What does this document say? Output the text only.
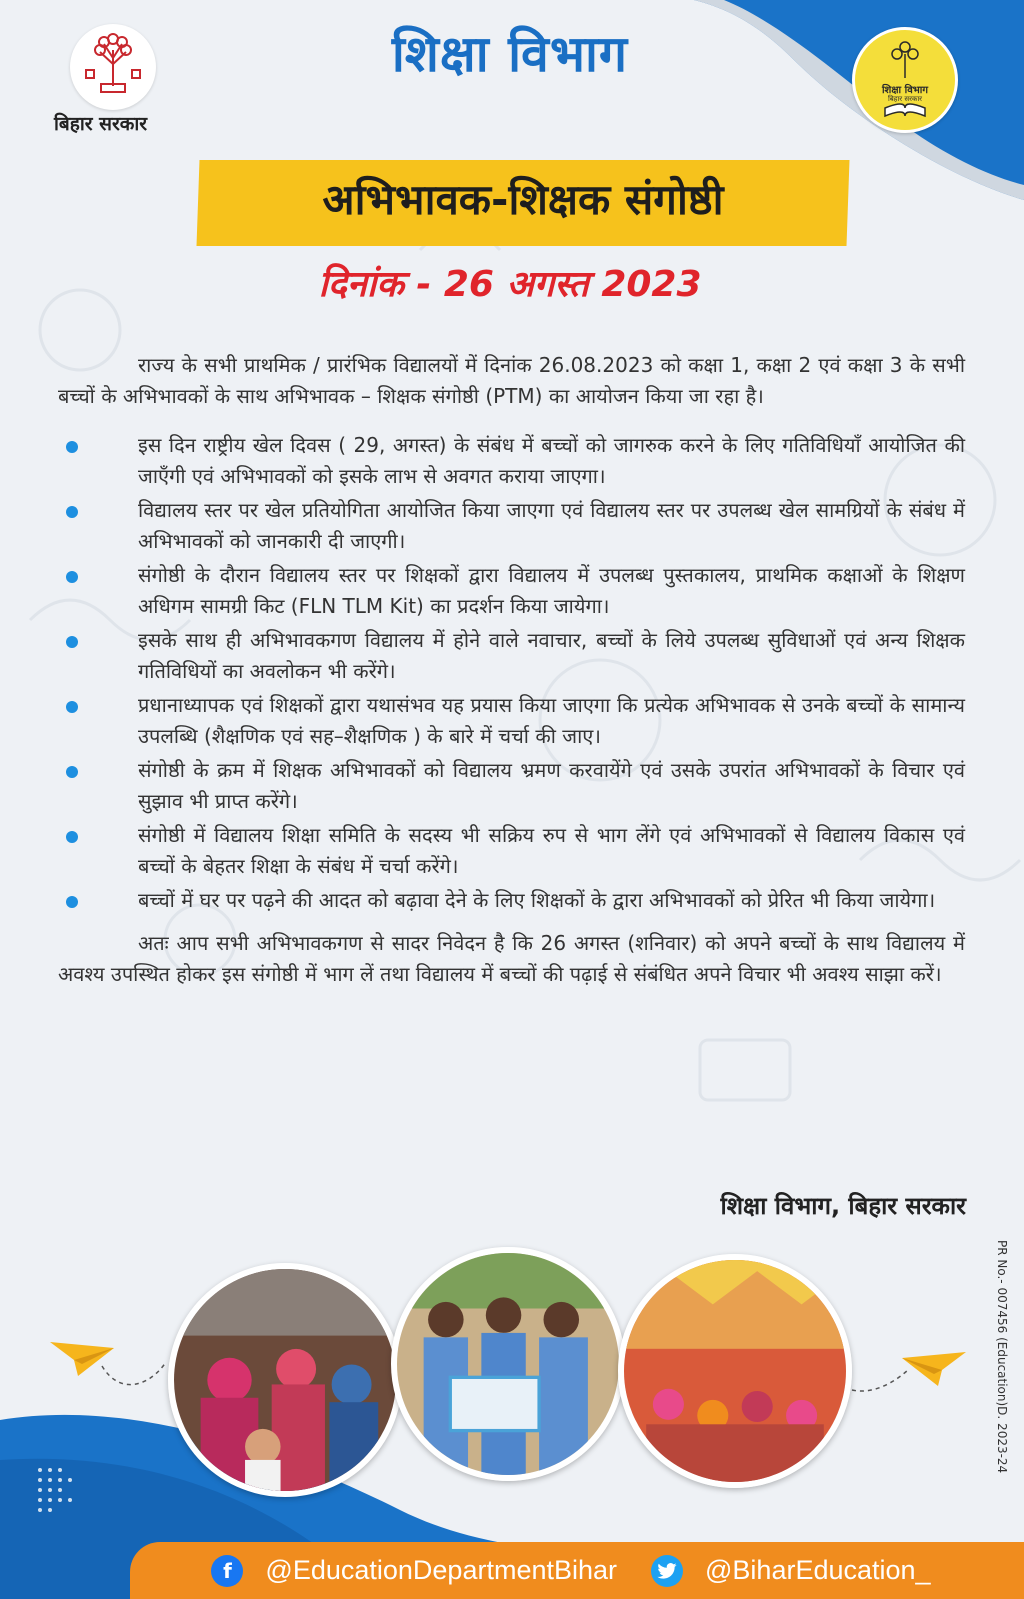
बिहार सरकार
शिक्षा विभाग
शिक्षा विभाग
बिहार सरकार
अभिभावक-शिक्षक संगोष्ठी
दिनांक - 26 अगस्त 2023

राज्य के सभी प्राथमिक / प्रारंभिक विद्यालयों में दिनांक 26.08.2023 को कक्षा 1, कक्षा 2 एवं कक्षा 3 के सभी बच्चों के अभिभावकों के साथ अभिभावक – शिक्षक संगोष्ठी (PTM) का आयोजन किया जा रहा है।

इस दिन राष्ट्रीय खेल दिवस ( 29, अगस्त) के संबंध में बच्चों को जागरुक करने के लिए गतिविधियाँ आयोजित की जाएँगी एवं अभिभावकों को इसके लाभ से अवगत कराया जाएगा।
विद्यालय स्तर पर खेल प्रतियोगिता आयोजित किया जाएगा एवं विद्यालय स्तर पर उपलब्ध खेल सामग्रियों के संबंध में अभिभावकों को जानकारी दी जाएगी।
संगोष्ठी के दौरान विद्यालय स्तर पर शिक्षकों द्वारा विद्यालय में उपलब्ध पुस्तकालय, प्राथमिक कक्षाओं के शिक्षण अधिगम सामग्री किट (FLN TLM Kit) का प्रदर्शन किया जायेगा।
इसके साथ ही अभिभावकगण विद्यालय में होने वाले नवाचार, बच्चों के लिये उपलब्ध सुविधाओं एवं अन्य शिक्षक गतिविधियों का अवलोकन भी करेंगे।
प्रधानाध्यापक एवं शिक्षकों द्वारा यथासंभव यह प्रयास किया जाएगा कि प्रत्येक अभिभावक से उनके बच्चों के सामान्य उपलब्धि (शैक्षणिक एवं सह–शैक्षणिक ) के बारे में चर्चा की जाए।
संगोष्ठी के क्रम में शिक्षक अभिभावकों को विद्यालय भ्रमण करवायेंगे एवं उसके उपरांत अभिभावकों के विचार एवं सुझाव भी प्राप्त करेंगे।
संगोष्ठी में विद्यालय शिक्षा समिति के सदस्य भी सक्रिय रुप से भाग लेंगे एवं अभिभावकों से विद्यालय विकास एवं बच्चों के बेहतर शिक्षा के संबंध में चर्चा करेंगे।
बच्चों में घर पर पढ़ने की आदत को बढ़ावा देने के लिए शिक्षकों के द्वारा अभिभावकों को प्रेरित भी किया जायेगा।

अतः आप सभी अभिभावकगण से सादर निवेदन है कि 26 अगस्त (शनिवार) को अपने बच्चों के साथ विद्यालय में अवश्य उपस्थित होकर इस संगोष्ठी में भाग लें तथा विद्यालय में बच्चों की पढ़ाई से संबंधित अपने विचार भी अवश्य साझा करें।

शिक्षा विभाग, बिहार सरकार
PR No.- 007456 (Education)D. 2023-24
f	@EducationDepartmentBihar	@BiharEducation_
